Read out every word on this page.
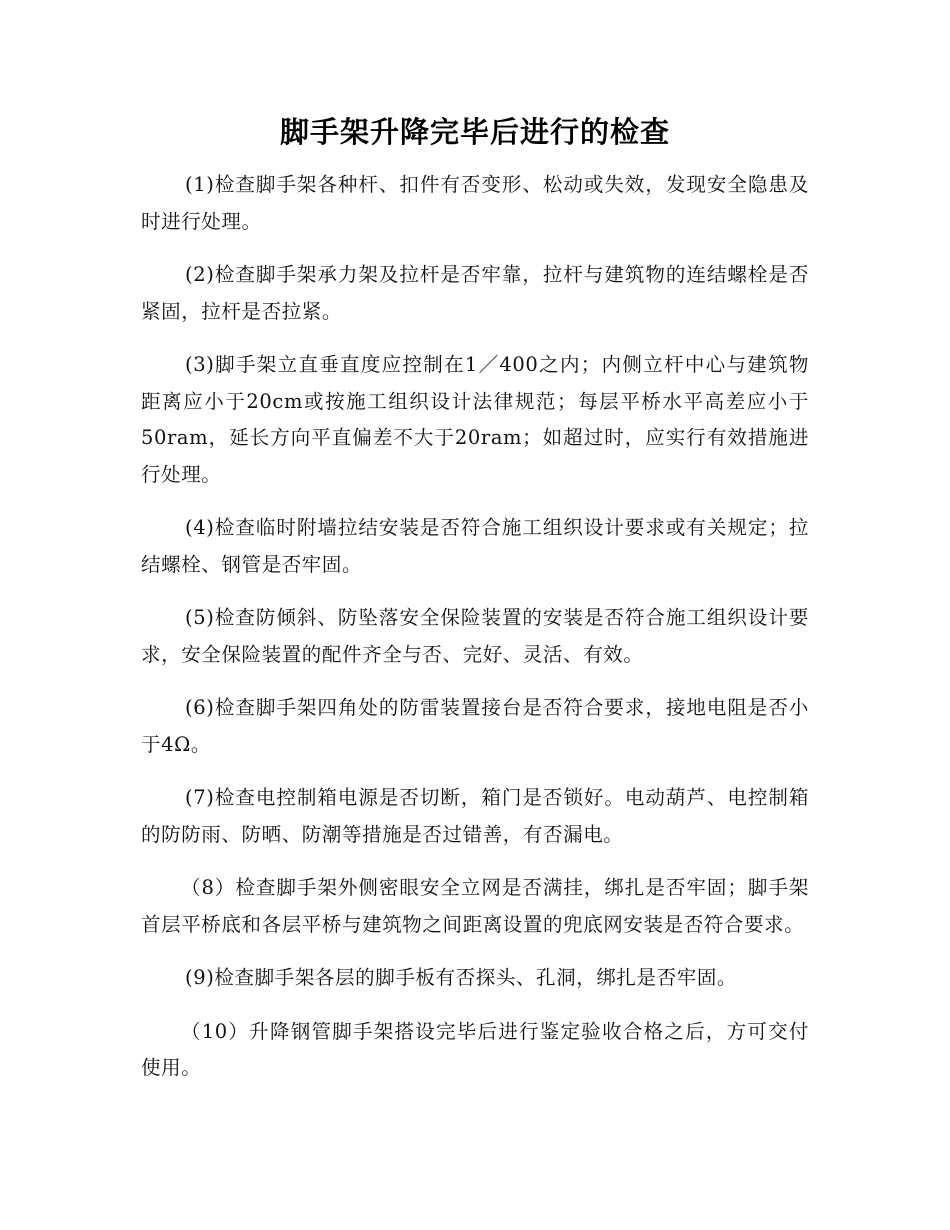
脚手架升降完毕后进行的检查

(1)检查脚手架各种杆、扣件有否变形、松动或失效，发现安全隐患及时进行处理。

(2)检查脚手架承力架及拉杆是否牢靠，拉杆与建筑物的连结螺栓是否紧固，拉杆是否拉紧。

(3)脚手架立直垂直度应控制在1／400之内；内侧立杆中心与建筑物距离应小于20cm或按施工组织设计法律规范；每层平桥水平高差应小于50ram，延长方向平直偏差不大于20ram；如超过时，应实行有效措施进行处理。

(4)检查临时附墙拉结安装是否符合施工组织设计要求或有关规定；拉结螺栓、钢管是否牢固。

(5)检查防倾斜、防坠落安全保险装置的安装是否符合施工组织设计要求，安全保险装置的配件齐全与否、完好、灵活、有效。

(6)检查脚手架四角处的防雷装置接台是否符合要求，接地电阻是否小于4Ω。

(7)检查电控制箱电源是否切断，箱门是否锁好。电动葫芦、电控制箱的防防雨、防晒、防潮等措施是否过错善，有否漏电。

（8）检查脚手架外侧密眼安全立网是否满挂，绑扎是否牢固；脚手架首层平桥底和各层平桥与建筑物之间距离设置的兜底网安装是否符合要求。

(9)检查脚手架各层的脚手板有否探头、孔洞，绑扎是否牢固。

（10）升降钢管脚手架搭设完毕后进行鉴定验收合格之后，方可交付使用。
